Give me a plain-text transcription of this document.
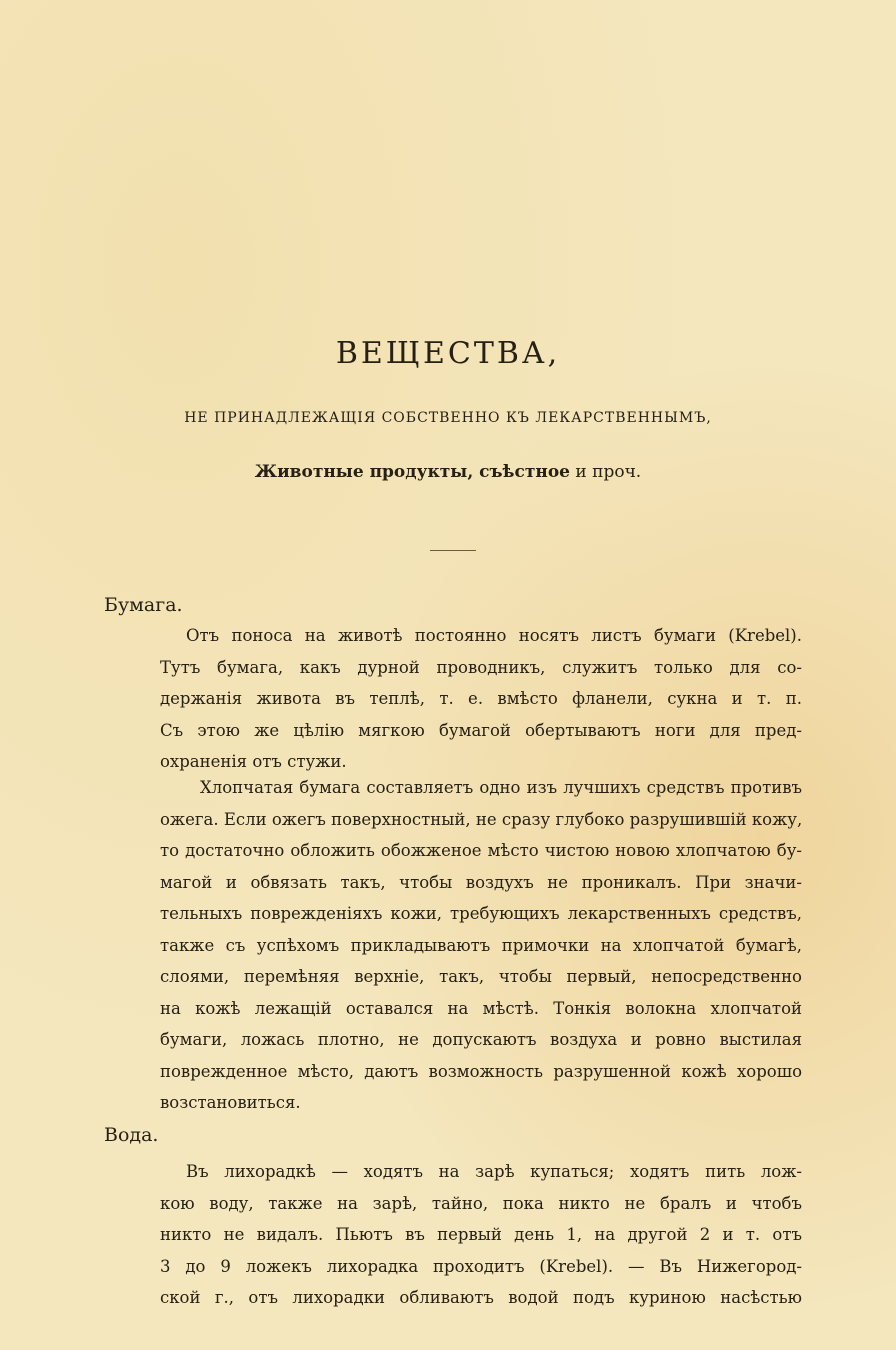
ВЕЩЕСТВА,
НЕ ПРИНАДЛЕЖАЩІЯ СОБСТВЕННО КЪ ЛЕКАРСТВЕННЫМЪ,
Животные продукты, съѣстное и проч.
Бумага.
Отъ поноса на животѣ постоянно носятъ листъ бумаги (Krebel).
Тутъ бумага, какъ дурной проводникъ, служитъ только для со-
держанія живота въ теплѣ, т. е. вмѣсто фланели, сукна и т. п.
Съ этою же цѣлію мягкою бумагой обертываютъ ноги для пред-
охраненія отъ стужи.
Хлопчатая бумага составляетъ одно изъ лучшихъ средствъ противъ
ожега. Если ожегъ поверхностный, не сразу глубоко разрушившій кожу,
то достаточно обложить обожженое мѣсто чистою новою хлопчатою бу-
магой и обвязать такъ, чтобы воздухъ не проникалъ. При значи-
тельныхъ поврежденіяхъ кожи, требующихъ лекарственныхъ средствъ,
также съ успѣхомъ прикладываютъ примочки на хлопчатой бумагѣ,
слоями, перемѣняя верхніе, такъ, чтобы первый, непосредственно
на кожѣ лежащій оставался на мѣстѣ. Тонкія волокна хлопчатой
бумаги, ложась плотно, не допускаютъ воздуха и ровно выстилая
поврежденное мѣсто, даютъ возможность разрушенной кожѣ хорошо
возстановиться.
Вода.
Въ лихорадкѣ — ходятъ на зарѣ купаться; ходятъ пить лож-
кою воду, также на зарѣ, тайно, пока никто не бралъ и чтобъ
никто не видалъ. Пьютъ въ первый день 1, на другой 2 и т. отъ
3 до 9 ложекъ лихорадка проходитъ (Krebel). — Въ Нижегород-
ской г., отъ лихорадки обливаютъ водой подъ куриною насѣстью
